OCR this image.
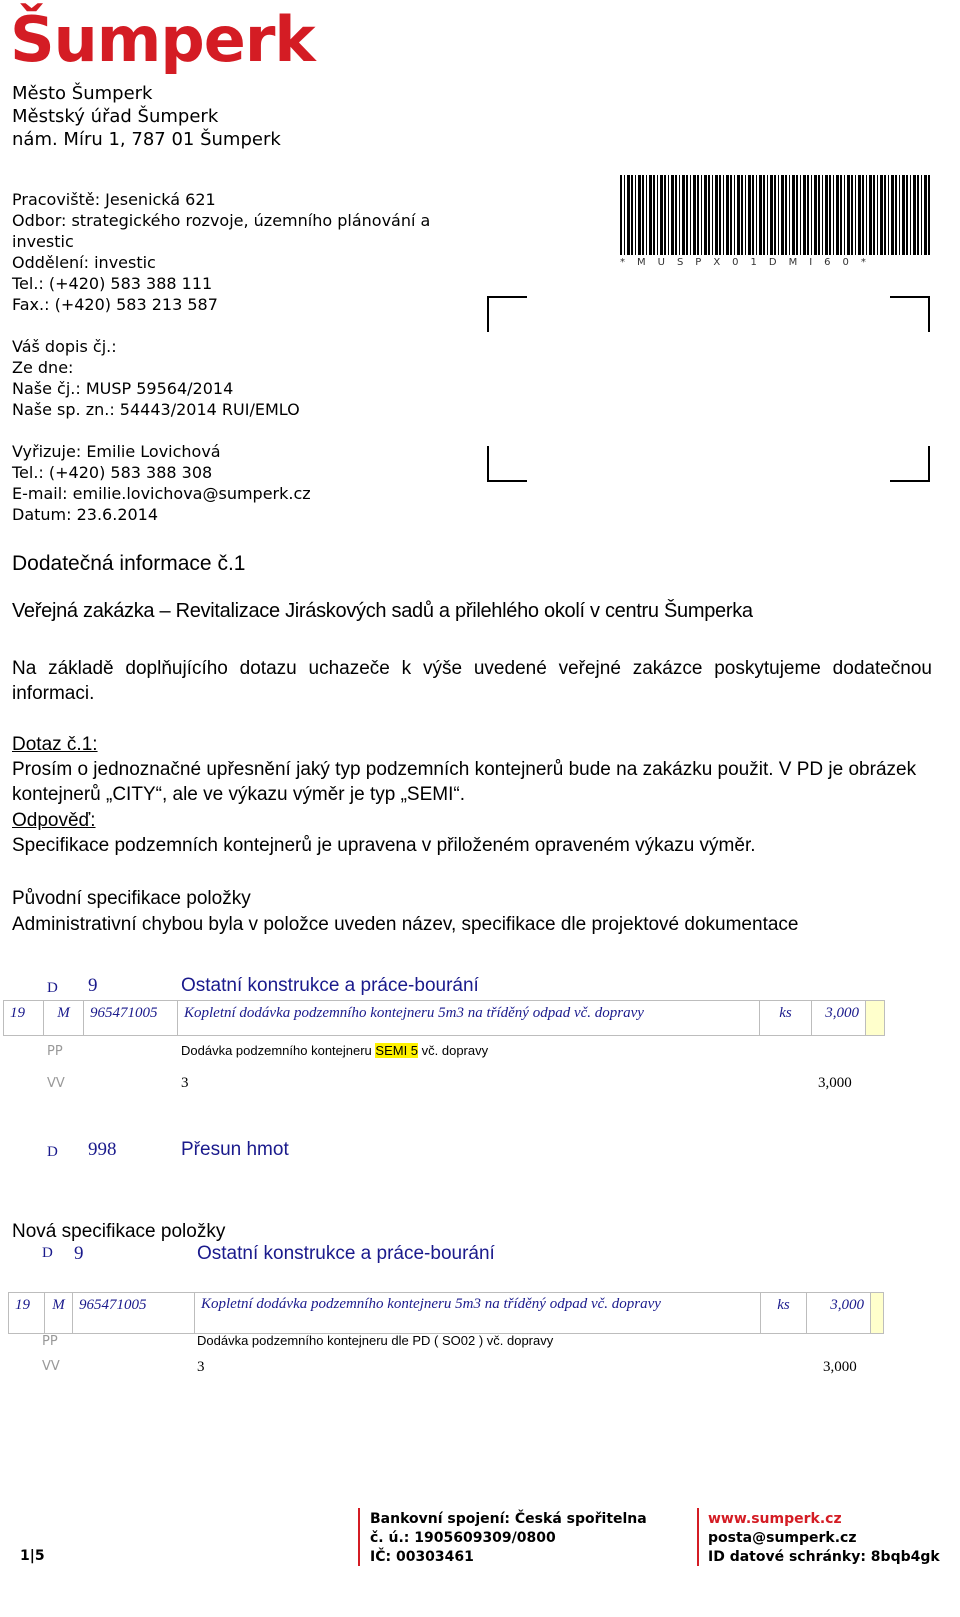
Šumperk
Město Šumperk
Městský úřad Šumperk
nám. Míru 1, 787 01 Šumperk
Pracoviště: Jesenická 621
Odbor: strategického rozvoje, územního plánování a
investic
Oddělení: investic
Tel.: (+420) 583 388 111
Fax.: (+420) 583 213 587
Váš dopis čj.:
Ze dne:
Naše čj.: MUSP 59564/2014
Naše sp. zn.: 54443/2014 RUI/EMLO
Vyřizuje: Emilie Lovichová
Tel.: (+420) 583 388 308
E-mail: emilie.lovichova@sumperk.cz
Datum: 23.6.2014
*MUSPX01DMI60*
Dodatečná informace č.1
Veřejná zakázka – Revitalizace Jiráskových sadů a přilehlého okolí v centru Šumperka
Na základě doplňujícího dotazu uchazeče k výše uvedené veřejné zakázce poskytujeme dodatečnou informaci.
Dotaz č.1:
Prosím o jednoznačné upřesnění jaký typ podzemních kontejnerů bude na zakázku použit. V PD je obrázek kontejnerů „CITY“, ale ve výkazu výměr je typ „SEMI“.
Odpověď:
Specifikace podzemních kontejnerů je upravena v přiloženém opraveném výkazu výměr.
Původní specifikace položky
Administrativní chybou byla v položce uveden název, specifikace dle projektové dokumentace
D 9	Ostatní konstrukce a práce-bourání
19	M	965471005	Kopletní dodávka podzemního kontejneru 5m3 na tříděný odpad vč. dopravy	ks	3,000
PP	Dodávka podzemního kontejneru SEMI 5 vč. dopravy
VV	3	3,000
D 998	Přesun hmot
Nová specifikace položky
D 9	Ostatní konstrukce a práce-bourání
19	M 965471005	Kopletní dodávka podzemního kontejneru 5m3 na tříděný odpad vč. dopravy	ks	3,000
PP	Dodávka podzemního kontejneru dle PD ( SO02 ) vč. dopravy
VV	3	3,000
1|5
Bankovní spojení: Česká spořitelna
č. ú.: 1905609309/0800
IČ: 00303461
www.sumperk.cz
posta@sumperk.cz
ID datové schránky: 8bqb4gk
